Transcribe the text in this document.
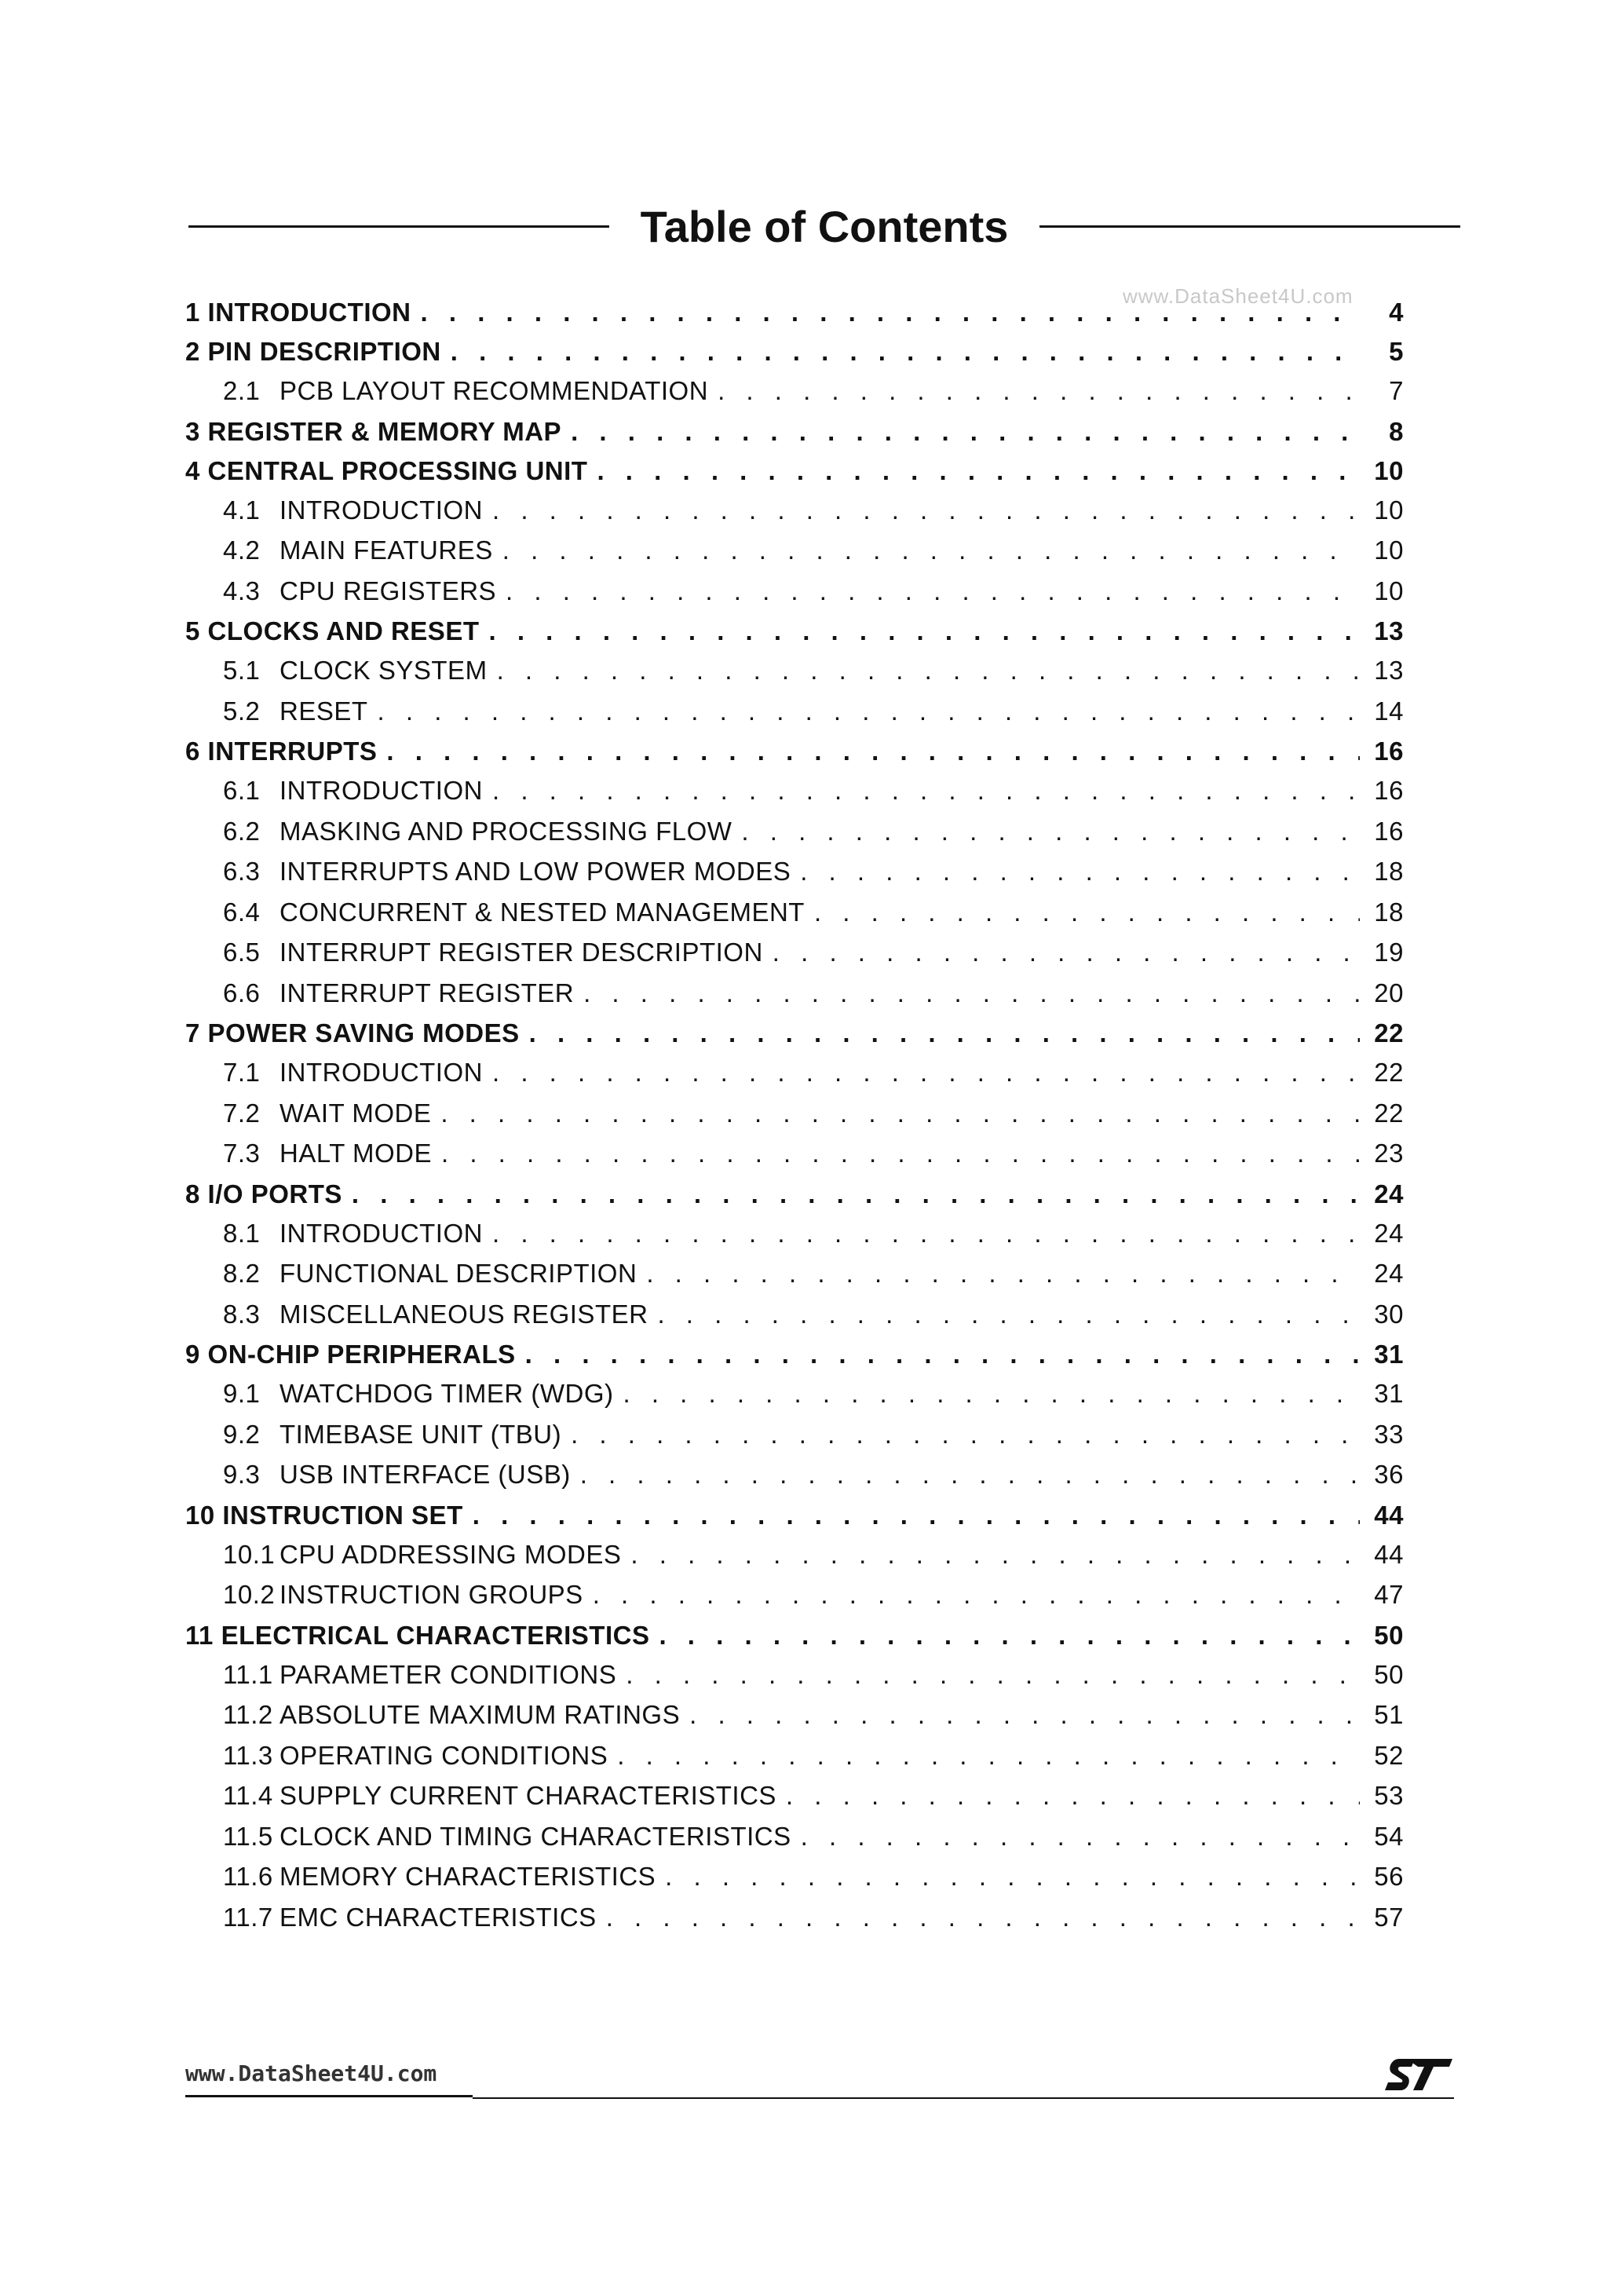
Table of Contents
www.DataSheet4U.com
1 INTRODUCTION . . .	4
2 PIN DESCRIPTION . . .	5
2.1 PCB LAYOUT RECOMMENDATION . . .	7
3 REGISTER & MEMORY MAP . . .	8
4 CENTRAL PROCESSING UNIT . . .	10
4.1 INTRODUCTION . . .	10
4.2 MAIN FEATURES . . .	10
4.3 CPU REGISTERS . . .	10
5 CLOCKS AND RESET . . .	13
5.1 CLOCK SYSTEM . . .	13
5.2 RESET . . .	14
6 INTERRUPTS . . .	16
6.1 INTRODUCTION . . .	16
6.2 MASKING AND PROCESSING FLOW . . .	16
6.3 INTERRUPTS AND LOW POWER MODES . . .	18
6.4 CONCURRENT & NESTED MANAGEMENT . . .	18
6.5 INTERRUPT REGISTER DESCRIPTION . . .	19
6.6 INTERRUPT REGISTER . . .	20
7 POWER SAVING MODES . . .	22
7.1 INTRODUCTION . . .	22
7.2 WAIT MODE . . .	22
7.3 HALT MODE . . .	23
8 I/O PORTS . . .	24
8.1 INTRODUCTION . . .	24
8.2 FUNCTIONAL DESCRIPTION . . .	24
8.3 MISCELLANEOUS REGISTER . . .	30
9 ON-CHIP PERIPHERALS . . .	31
9.1 WATCHDOG TIMER (WDG) . . .	31
9.2 TIMEBASE UNIT (TBU) . . .	33
9.3 USB INTERFACE (USB) . . .	36
10 INSTRUCTION SET . . .	44
10.1 CPU ADDRESSING MODES . . .	44
10.2 INSTRUCTION GROUPS . . .	47
11 ELECTRICAL CHARACTERISTICS . . .	50
11.1 PARAMETER CONDITIONS . . .	50
11.2 ABSOLUTE MAXIMUM RATINGS . . .	51
11.3 OPERATING CONDITIONS . . .	52
11.4 SUPPLY CURRENT CHARACTERISTICS . . .	53
11.5 CLOCK AND TIMING CHARACTERISTICS . . .	54
11.6 MEMORY CHARACTERISTICS . . .	56
11.7 EMC CHARACTERISTICS . . .	57
www.DataSheet4U.com
